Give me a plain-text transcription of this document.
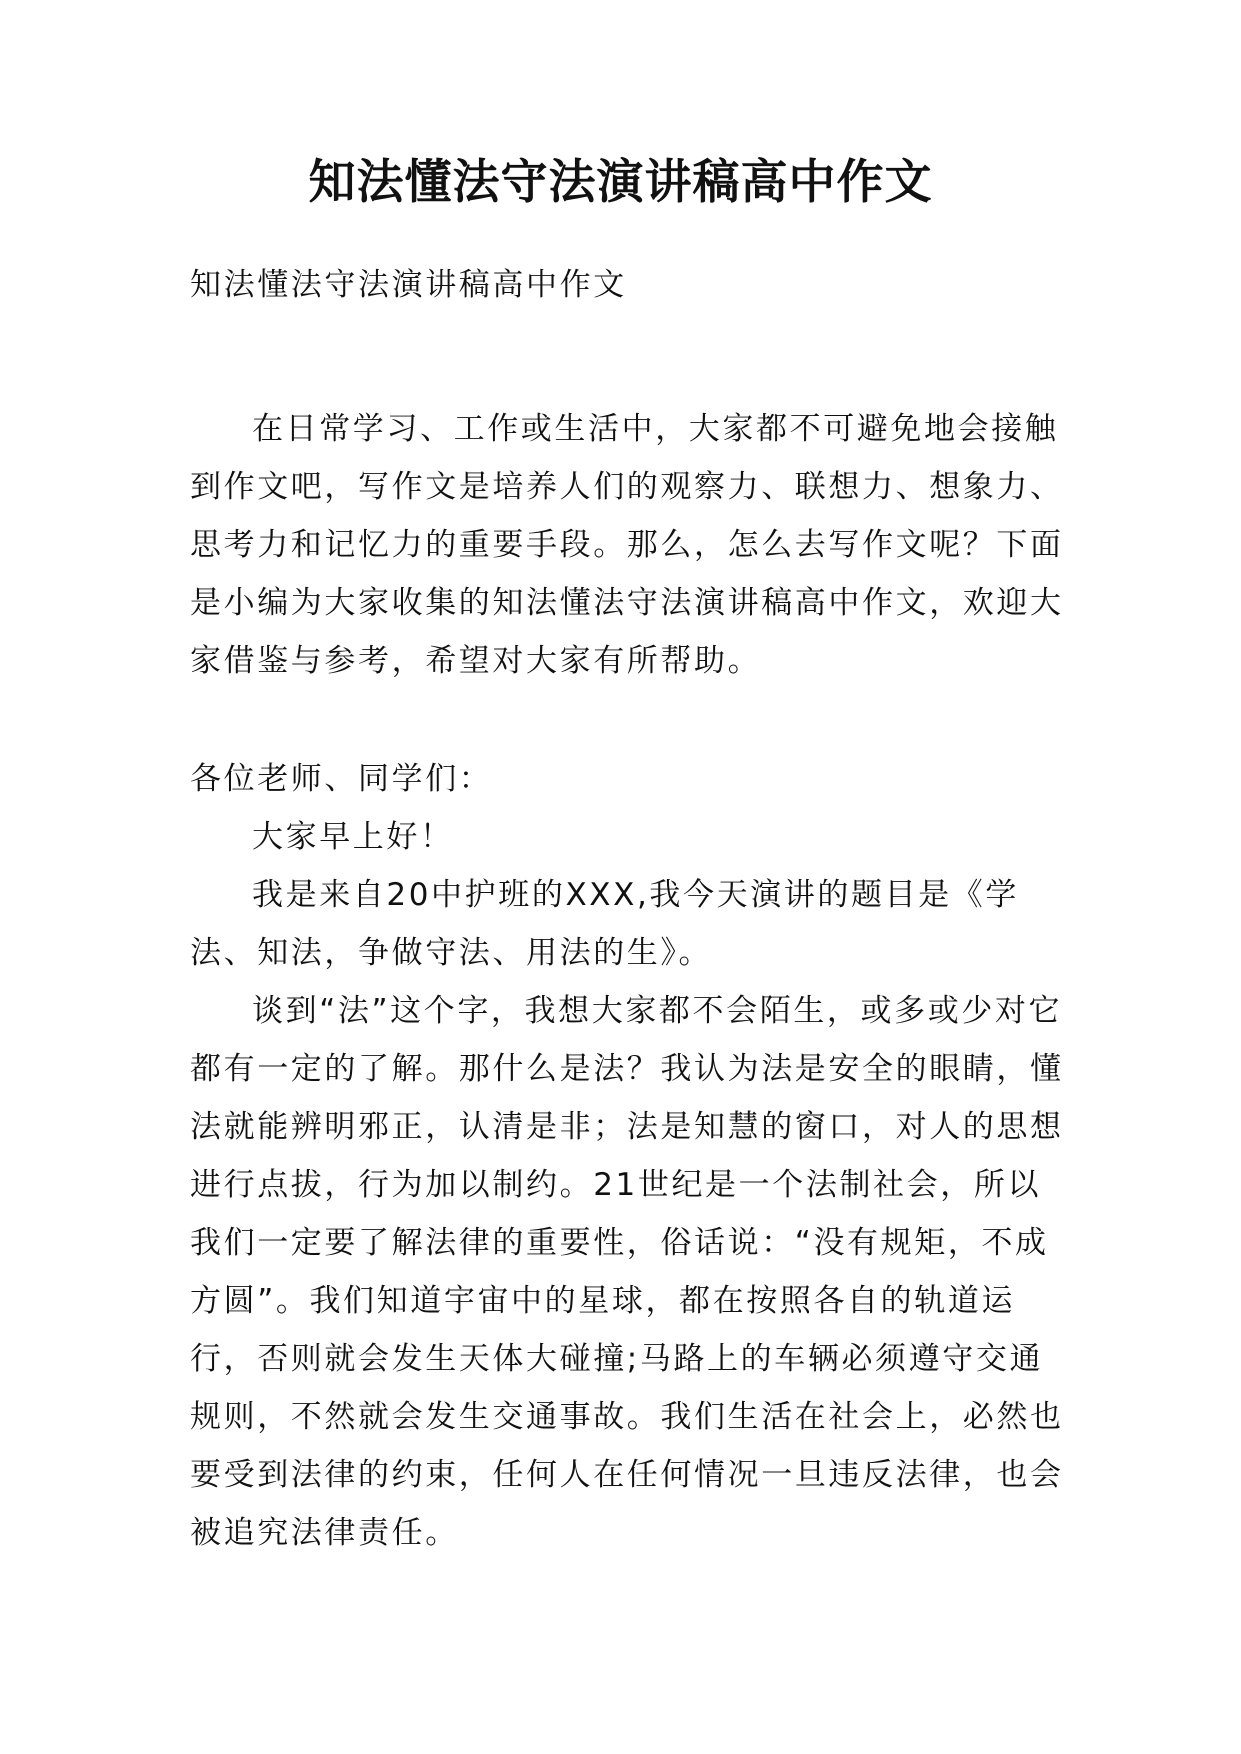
知法懂法守法演讲稿高中作文

知法懂法守法演讲稿高中作文

在日常学习、工作或生活中，大家都不可避免地会接触到作文吧，写作文是培养人们的观察力、联想力、想象力、思考力和记忆力的重要手段。那么，怎么去写作文呢？下面是小编为大家收集的知法懂法守法演讲稿高中作文，欢迎大家借鉴与参考，希望对大家有所帮助。

各位老师、同学们：

大家早上好！

我是来自20中护班的XXX,我今天演讲的题目是《学法、知法，争做守法、用法的生》。

谈到“法”这个字，我想大家都不会陌生，或多或少对它都有一定的了解。那什么是法？我认为法是安全的眼睛，懂法就能辨明邪正，认清是非；法是知慧的窗口，对人的思想进行点拔，行为加以制约。21世纪是一个法制社会，所以我们一定要了解法律的重要性，俗话说：“没有规矩，不成方圆”。我们知道宇宙中的星球，都在按照各自的轨道运行，否则就会发生天体大碰撞;马路上的车辆必须遵守交通规则，不然就会发生交通事故。我们生活在社会上，必然也要受到法律的约束，任何人在任何情况一旦违反法律，也会被追究法律责任。
